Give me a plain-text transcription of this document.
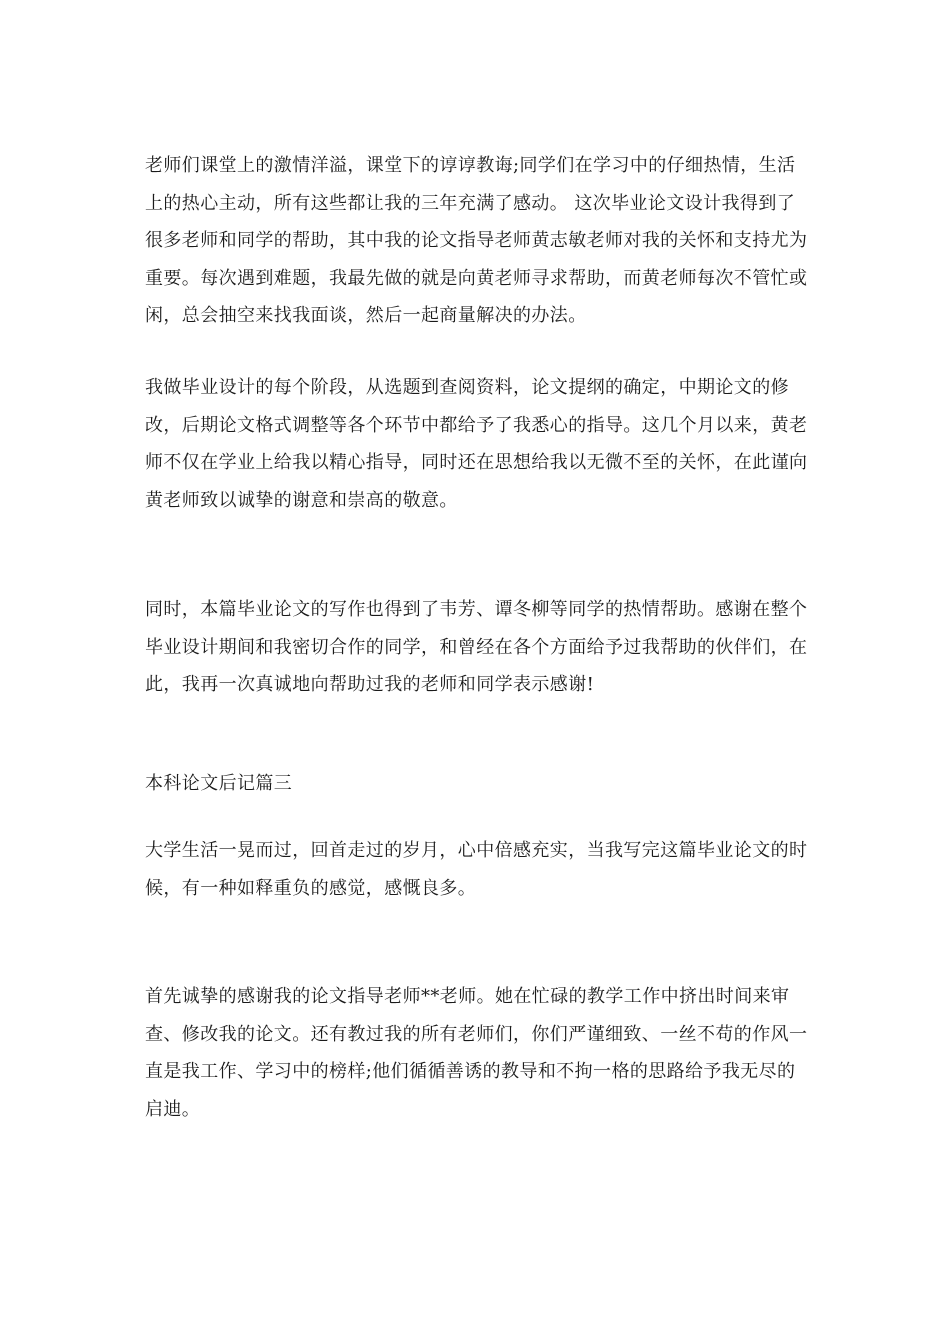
老师们课堂上的激情洋溢，课堂下的谆谆教诲;同学们在学习中的仔细热情，生活上的热心主动，所有这些都让我的三年充满了感动。 这次毕业论文设计我得到了很多老师和同学的帮助，其中我的论文指导老师黄志敏老师对我的关怀和支持尤为重要。每次遇到难题，我最先做的就是向黄老师寻求帮助，而黄老师每次不管忙或闲，总会抽空来找我面谈，然后一起商量解决的办法。

我做毕业设计的每个阶段，从选题到查阅资料，论文提纲的确定，中期论文的修改，后期论文格式调整等各个环节中都给予了我悉心的指导。这几个月以来，黄老师不仅在学业上给我以精心指导，同时还在思想给我以无微不至的关怀，在此谨向黄老师致以诚挚的谢意和崇高的敬意。

同时，本篇毕业论文的写作也得到了韦芳、谭冬柳等同学的热情帮助。感谢在整个毕业设计期间和我密切合作的同学，和曾经在各个方面给予过我帮助的伙伴们，在此，我再一次真诚地向帮助过我的老师和同学表示感谢!

本科论文后记篇三

大学生活一晃而过，回首走过的岁月，心中倍感充实，当我写完这篇毕业论文的时候，有一种如释重负的感觉，感慨良多。

首先诚挚的感谢我的论文指导老师**老师。她在忙碌的教学工作中挤出时间来审查、修改我的论文。还有教过我的所有老师们，你们严谨细致、一丝不苟的作风一直是我工作、学习中的榜样;他们循循善诱的教导和不拘一格的思路给予我无尽的启迪。
